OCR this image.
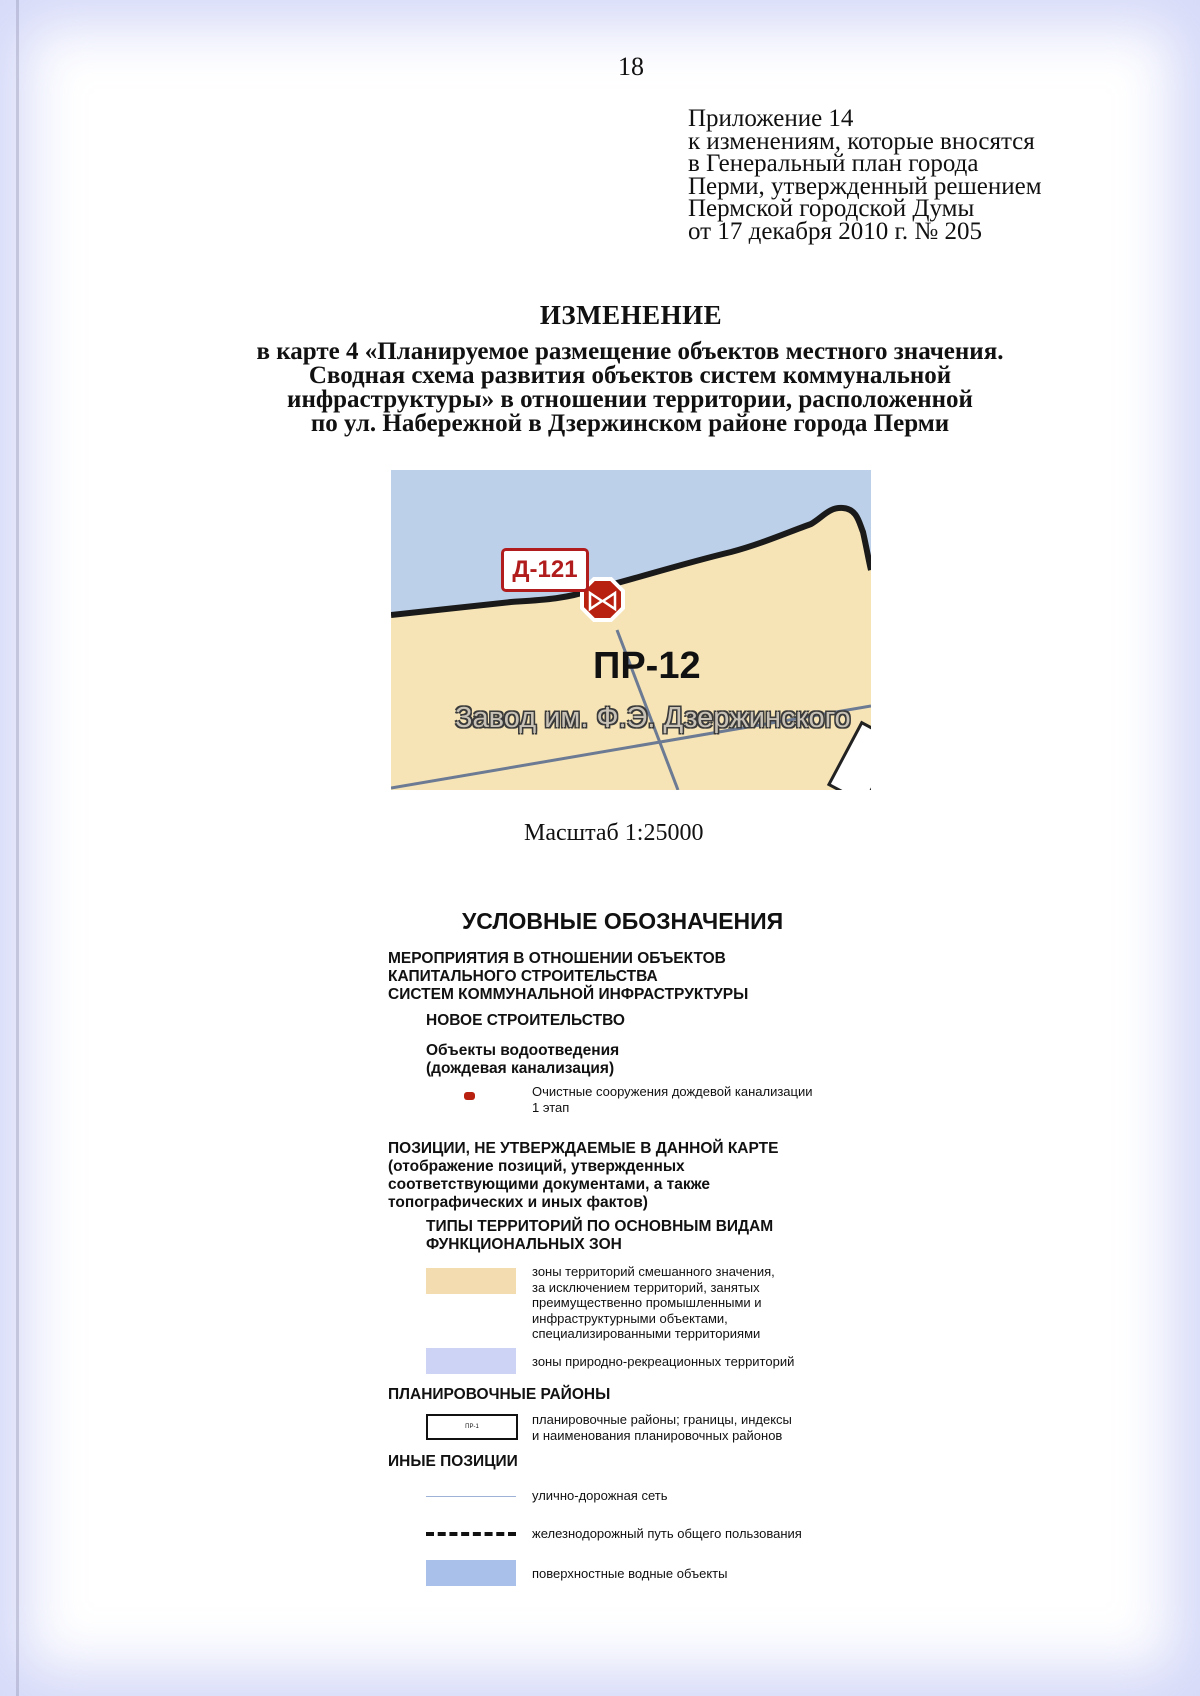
18
Приложение 14
к изменениям, которые вносятся
в Генеральный план города
Перми, утвержденный решением
Пермской городской Думы
от 17 декабря 2010 г. № 205
ИЗМЕНЕНИЕ
в карте 4 «Планируемое размещение объектов местного значения.
Сводная схема развития объектов систем коммунальной
инфраструктуры» в отношении территории, расположенной
по ул. Набережной в Дзержинском районе города Перми
Д-121
ПР-12
Завод им. Ф.Э. Дзержинского
Масштаб 1:25000
УСЛОВНЫЕ ОБОЗНАЧЕНИЯ
МЕРОПРИЯТИЯ В ОТНОШЕНИИ ОБЪЕКТОВ
КАПИТАЛЬНОГО СТРОИТЕЛЬСТВА
СИСТЕМ КОММУНАЛЬНОЙ ИНФРАСТРУКТУРЫ
НОВОЕ СТРОИТЕЛЬСТВО
Объекты водоотведения
(дождевая канализация)
Очистные сооружения дождевой канализации
1 этап
ПОЗИЦИИ, НЕ УТВЕРЖДАЕМЫЕ В ДАННОЙ КАРТЕ
(отображение позиций, утвержденных
соответствующими документами, а также
топографических и иных фактов)
ТИПЫ ТЕРРИТОРИЙ ПО ОСНОВНЫМ ВИДАМ
ФУНКЦИОНАЛЬНЫХ ЗОН
зоны территорий смешанного значения,
за исключением территорий, занятых
преимущественно промышленными и
инфраструктурными объектами,
специализированными территориями
зоны природно-рекреационных территорий
ПЛАНИРОВОЧНЫЕ РАЙОНЫ
ПР-1	планировочные районы; границы, индексы
и наименования планировочных районов
ИНЫЕ ПОЗИЦИИ
улично-дорожная сеть
железнодорожный путь общего пользования
поверхностные водные объекты
